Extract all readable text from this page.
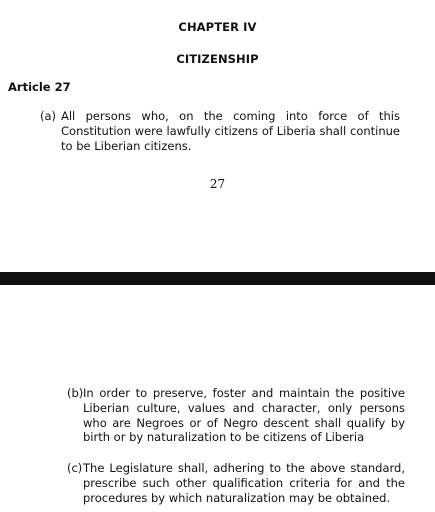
CHAPTER IV
CITIZENSHIP
Article 27
(a) All persons who, on the coming into force of this Constitution were lawfully citizens of Liberia shall continue to be Liberian citizens.
27
(b) In order to preserve, foster and maintain the positive Liberian culture, values and character, only persons who are Negroes or of Negro descent shall qualify by birth or by naturalization to be citizens of Liberia
(c) The Legislature shall, adhering to the above standard, prescribe such other qualification criteria for and the procedures by which naturalization may be obtained.
